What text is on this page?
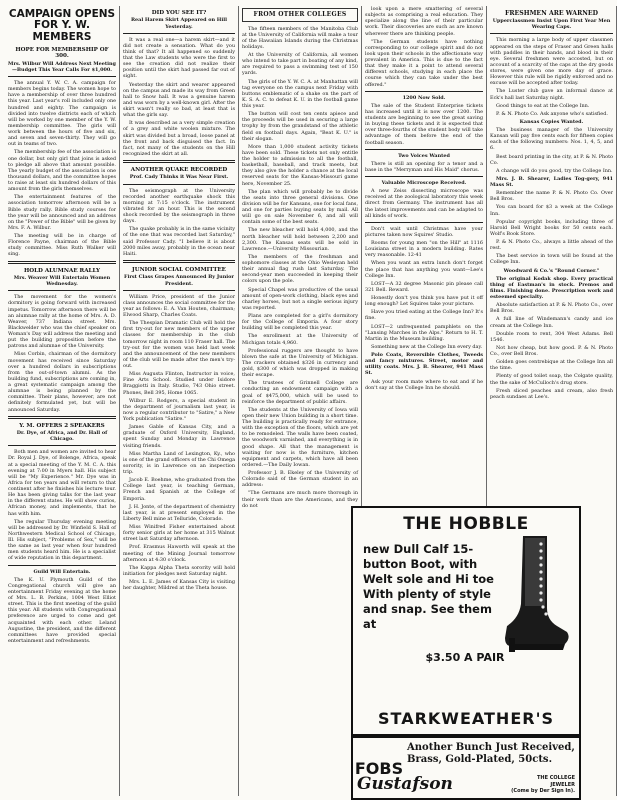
CAMPAIGN OPENS FOR Y. W. MEMBERS
HOPE FOR MEMBERSHIP OF 300.
Mrs. Wilbur Will Address Next Meeting—Budget This Year Calls For $1,000.

The annual Y. W. C. A. campaign for members begins today. The women hope to have a membership of over three hundred this year. Last year's roll included only one hundred and eighty. The campaign is divided into twelve districts each of which will be worked by one member of the Y. W. membership committee. The girls will work between the hours of five and six, and seven and seven-thirty. They will go out in teams of two.

The membership fee of the association is one dollar, but only girl that joins is asked to pledge all above that amount possible. The yearly budget of the association is one thousand dollars, and the committee hopes to raise at least six hundred dollars of this amount from the girls themselves.

The entertainment features of the association tomorrow afternoon will be a Bible study rally. Bible study courses for the year will be announced and an address on the "Power of the Bible" will be given by Mrs. F. A. Wilbur.

The meeting will be in charge of Florence Payne, chairman of the Bible study committee. Miss Ruth Walker will sing.

HOLD ALUMNAE RALLY
Mrs. Weaver Will Entertain Women Wednesday.

The movement for the women's dormitory is going forward with increased impetus. Tomorrow afternoon there will be an alumnae rally at the home of Mrs. A. D. Weaver, 737 Indiana street. Mrs. Blackwelder who was the chief speaker on Woman's Day will address the meeting and put the building proposition before the patrons and alumnae of the University.

Miss Corbin, chairman of the dormitory movement has received since Saturday over a hundred dollars in subscriptions from the out-of-town alumni. As the building fund, subscriptions are coming in, a great systematic campaign among the alumnae is being planned by the committee. Their plans, however, are not definitely formulated yet, but will be announced Saturday.

Y. M. OFFERS 2 SPEAKERS
Dr. Dye, of Africa, and Dr. Hall of Chicago.

Both men and women are invited to hear Dr. Royal J. Dye, of Bolenge, Africa, speak at a special meeting of the Y. M. C. A. this evening at 7:00 in Myers hall. His subject will be "My Experience." Mr. Dye was in Africa for ten years and will return to that continent after he finishes his lecture tour. He has been giving talks for the last year in the different states. He will show curios, African money, and implements, that he has with him.

The regular Thursday evening meeting will be addressed by Dr. Winfield S. Hall of Northwestern Medical School of Chicago, Ill. His subject, "Problems of Sex," will be the same as last year when four hundred men students heard him. He is a specialist of wide reputation in this department.

Guild Will Entertain.

The K. U. Plymouth Guild of the Congregational church will give an entertainment Friday evening at the home of Mrs. L. B. Perkins, 1004 West Elliot street. This is the first meeting of the guild this year. All students with Congregational preference are urged to come and get acquainted with each other. Leland Augustine, the president, and the different committees have provided special entertainment and refreshments.

DID YOU SEE IT?
Real Harem Skirt Appeared on Hill Yesterday.

It was a real one—a harem skirt—and it did not create a sensation. What do you think of that? It all happened so suddenly that the Law students who were the first to see the creation did not realize their position until the skirt had passed far out of sight.

Yesterday the skirt and wearer appeared on the campus and made its way from Green hall to Snow hall. It was a genuine harem and was worn by a well-known girl. After the skirt wasn't really so bad, at least that is what the girls say.

It was described as a very simple creation of a grey and white woolen mixture. The skirt was divided but a broad, loose panel at the front and back disguised the fact. In fact, not many of the students on the Hill recognized the skirt at all.

ANOTHER QUAKE RECORDED
Prof. Cady Thinks it Was Near First.

The seismograph at the University recorded another earthquake shock this morning at 7:15 o'clock. The instrument vibrated for an hour. This is the second shock recorded by the seismograph in three days.

The quake probably is in the same vicinity of the one that was recorded last Saturday," said Professor Cady. "I believe it is about 2000 miles away, probably in the ocean near Haiti.

JUNIOR SOCIAL COMMITTEE
First Class Grapes Announced By Junior President.

William Price, president of the Junior class announces the social committee for the year as follows: E. A. Van Houten, chairman; Elwood Sharp, Charles Coats.

The Thespian Dramatic Club will hold the first try-out for new members of the upper classes for membership in the club tomorrow night in room 110 Fraser hall. The try-out for the women was held last week and the announcement of the new members of the club will be made after the men's try-out.

Miss Augusta Flinton, Instructor in voice, Fine Arts School. Studied under Isidore Braggiotti in Italy. Studio, 743 Ohio street. Phones, Bell 395, Home 1065.

Wilbur E. Rodgers, a special student in the department of journalism last year, is now a regular contributor to "Satire," a New York publication "Satire."

James Gable of Kansas City, and a graduate of Oxford University, England, spent Sunday and Monday in Lawrence visiting friends.

Miss Martha Land of Lexington, Ky., who is one of the grand officers of the Chi Omega sorority, is in Lawrence on an inspection trip.

Jacob E. Boehme, who graduated from the College last year, is teaching German, French and Spanish at the College of Emporia.

J. H. Jonte, of the department of chemistry last year, is at present employed in the Liberty Bell mine at Telluride, Colorado.

Miss Winifred Fisher entertained about forty senior girls at her home at 315 Walnut street last Saturday afternoon.

Prof. Erasmus Haworth will speak at the meeting of the Mining Journal tomorrow afternoon at 4:30 o'clock.

The Kappa Alpha Theta sorority will hold initiation for pledges next Saturday night.

Mrs. L. E. James of Kansas City is visiting her daughter, Mildred at the Theta house.

FROM OTHER COLLEGES

The fifteen members of the Manitoba Club at the University of California will make a tour of the Hawaiian Islands during the Christmas holidays.

At the University of California, all women who intend to take part in boating of any kind, are required to pass a swimming test of 150 yards.

The girls of the Y. W. C. A. at Manhattan will tag everyone on the campus next Friday with buttons emblematic of a shake on the part of K. S. A. C. to defeat K. U. in the football game this year.

The button will cost ten cents apiece and the proceeds will be used in securing a large trophy by from the grandstand of the athletic field on football days. Again, "Beat K. U." is their slogan.

More than 1,000 student activity tickets have been sold. These tickets not only entitle the holder to admission to all the football, basketball, baseball, and track meets, but they also give the holder a chance at the local reserved seats for the Kansas-Missouri game here, November 25.

The plan which will probably be to divide the seats into three general divisions. One division will be for Kansans, one for local fans, and one for parties buying seats by mail. All will go on sale November 6, and all will contain some of the best seats.

The new bleacher will hold 4,000, and the north bleacher will hold between 2,200 and 2,300. The Kansas seats will be sold in Lawrence.—University Missourian.

The members of the freshman and sophomore classes at the Ohio Wesleyan held their annual flag rush last Saturday. The second-year men succeeded in keeping their colors upon the pole.

Special Chapel was productive of the usual amount of open-work clothing, black eyes and charley horses, but not a single serious injury was reported.

Plans are completed for a girl's dormitory for the College of Emporia. A four story building will be completed this year.

The enrollment at the University of Michigan totals 4,960.

Professional ruggers are thought to have blown the safe at the University of Michigan. The crackers obtained $326 in currency and gold, $300 of which was dropped in making their escape.

The trustees of Grinnell College are conducting an endowment campaign with a goal of $475,000, which will be used to reinforce the department of public affairs.

The students at the University of Iowa will open their new Union building in a short time. The building is practically ready for entrance, with the exception of the floors, which are yet to be remodeled. The walls have been coated, the woodwork varnished, and everything is in good shape. All that the management is waiting for now is the furniture, kitchen equipment and carpets, which have all been ordered.—The Daily Iowan.

Professor J. B. Ekeley of the University of Colorado said of the German student in an address:

"The Germans are much more thorough in their work than are the Americans, and they do not

look upon a mere smattering of several subjects as comprising a real education. They specialize along the line of their particular work. Their discoveries are such as are known wherever there are thinking people.

"The German students have nothing corresponding to our college spirit and do not look upon their schools in the affectionate way prevalent in America. This is due to the fact that they make it a point to attend several different schools, studying in each place the course which they can take under the best offered."

1200 Now Sold.

The sale of the Student Enterprise tickets has increased until it is now over 1200. The students are beginning to see the great saving in buying these tickets and it is expected that over three-fourths of the student body will take advantage of them before the end of the football season.

Two Voices Wanted

There is still an opening for a tenor and a base in the "Merryman and His Maid" chorus.

Valuable Microscope Received.

A new Zeiss dissecting microscope was received at the zoological laboratory this week direct from Germany. The instrument has all the latest improvements and can be adapted to all kinds of work.

Don't wait until Christmas have your pictures taken now Squires' Studio.

Rooms for young men "on the Hill" at 1116 Louisiana street in a modern building. Rates very reasonable. 12-41

When you want an extra lunch don't forget the place that has anything you want—Lee's College Inn.

LOST—A 32 degree Masonic pin please call 321 Bell. Reward.

Honestly don't you think you have put it off long enough? Let Squires take your picture.

Have you tried eating at the College Inn? It's fine.

LOST—2 unfrequented pamphlets on the "Lansing Marches in the Alps." Return to H. T. Martin in the Museum building.

Something new at the College Inn every day.

Polo Coats, Reversible Clothes, Tweeds and fancy mixtures. Street, motor and utility coats. Mrs. J. B. Shearer, 941 Mass St.

Ask your room mate where to eat and if he don't say at the College Inn he should.

FRESHMEN ARE WARNED
Upperclassmen Insist Upon First Year Men Wearing Caps.

This morning a large body of upper classmen appeared on the steps of Fraser and Green halls with paddles in their hands, and blood in their eye. Several freshmen were accosted, but on account of a scarcity of the caps at the dry goods stores, were given one more day of grace. However this rule will be rigidly enforced and no excuse will be accepted after today.

The Luster club gave an informal dance at Eck's hall last Saturday night.

Good things to eat at the College Inn.

P. & N. Photo Co. Ask anyone who's satisfied.

Kansas Copies Wanted.

The business manager of the University Kansan will pay five cents each for fifteen copies each of the following numbers: Nos. 1, 4, 5, and 6.

Best board printing in the city, at P. & N. Photo Co.

A change will do you good, try the College Inn.

Mrs. J. B. Shearer, Ladies Tog-gery, 941 Mass St.

Remember the name P. & N. Photo Co. Over Bell Bros.

You can board for $3 a week at the College Inn.

Popular copyright books, including three of Harold Bell Wright books for 50 cents each. Wolf's Book Store.

P. & N. Photo Co., always a little ahead of the rest.

The best service in town will be found at the College Inn.

Woodward & Co.'s "Round Corner."

The original Kodak shop. Every practical thing of Eastman's in stock. Premos and films. Finishing done. Prescription work and esteemed specialty.

Absolute satisfaction at P. & N. Photo Co., over Bell Bros.

A full line of Windemann's candy and ice cream at the College Inn.

Double room to rent, 304 West Adams. Bell 1546.

Not how cheap, but how good. P. & N. Photo Co., over Bell Bros.

Golden goes centrebique at the College Inn all the time.

Plenty of good toilet soap, the Colgate quality, the the sake of McCulloch's drug store.

Fresh sliced peaches and cream, also fresh peach sundaes at Lee's.

THE HOBBLE
new Dull Calf 15-button Boot, with Welt sole and Hi toe With plenty of style and snap. See them at
$3.50 A PAIR
STARKWEATHER'S
FOBS
Another Bunch Just Received, Brass, Gold-Plated, 50cts.
Gustafson	THE COLLEGE
JEWELER
(Come by Der Sign In).
